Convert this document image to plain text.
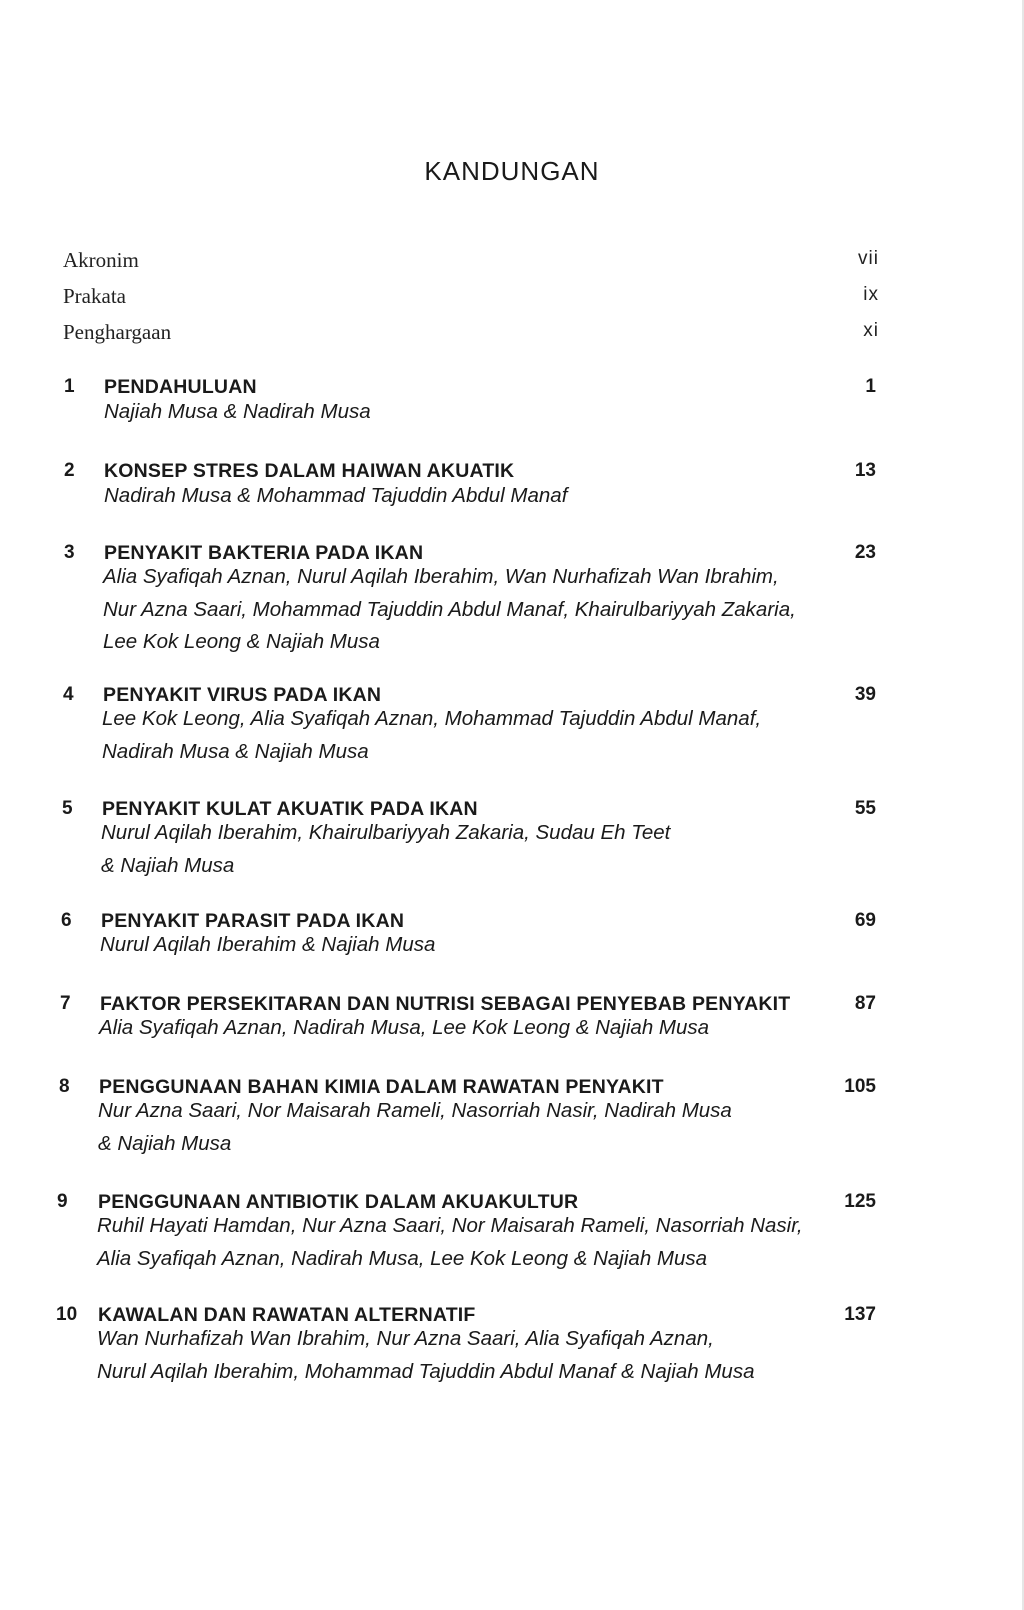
KANDUNGAN
Akronim	vii
Prakata	ix
Penghargaan	xi
1 PENDAHULUAN	1
Najiah Musa & Nadirah Musa
2 KONSEP STRES DALAM HAIWAN AKUATIK	13
Nadirah Musa & Mohammad Tajuddin Abdul Manaf
3 PENYAKIT BAKTERIA PADA IKAN	23
Alia Syafiqah Aznan, Nurul Aqilah Iberahim, Wan Nurhafizah Wan Ibrahim,
Nur Azna Saari, Mohammad Tajuddin Abdul Manaf, Khairulbariyyah Zakaria,
Lee Kok Leong & Najiah Musa
4 PENYAKIT VIRUS PADA IKAN	39
Lee Kok Leong, Alia Syafiqah Aznan, Mohammad Tajuddin Abdul Manaf,
Nadirah Musa & Najiah Musa
5 PENYAKIT KULAT AKUATIK PADA IKAN	55
Nurul Aqilah Iberahim, Khairulbariyyah Zakaria, Sudau Eh Teet
& Najiah Musa
6 PENYAKIT PARASIT PADA IKAN	69
Nurul Aqilah Iberahim & Najiah Musa
7 FAKTOR PERSEKITARAN DAN NUTRISI SEBAGAI PENYEBAB PENYAKIT	87
Alia Syafiqah Aznan, Nadirah Musa, Lee Kok Leong & Najiah Musa
8 PENGGUNAAN BAHAN KIMIA DALAM RAWATAN PENYAKIT	105
Nur Azna Saari, Nor Maisarah Rameli, Nasorriah Nasir, Nadirah Musa
& Najiah Musa
9 PENGGUNAAN ANTIBIOTIK DALAM AKUAKULTUR	125
Ruhil Hayati Hamdan, Nur Azna Saari, Nor Maisarah Rameli, Nasorriah Nasir,
Alia Syafiqah Aznan, Nadirah Musa, Lee Kok Leong & Najiah Musa
10 KAWALAN DAN RAWATAN ALTERNATIF	137
Wan Nurhafizah Wan Ibrahim, Nur Azna Saari, Alia Syafiqah Aznan,
Nurul Aqilah Iberahim, Mohammad Tajuddin Abdul Manaf & Najiah Musa
